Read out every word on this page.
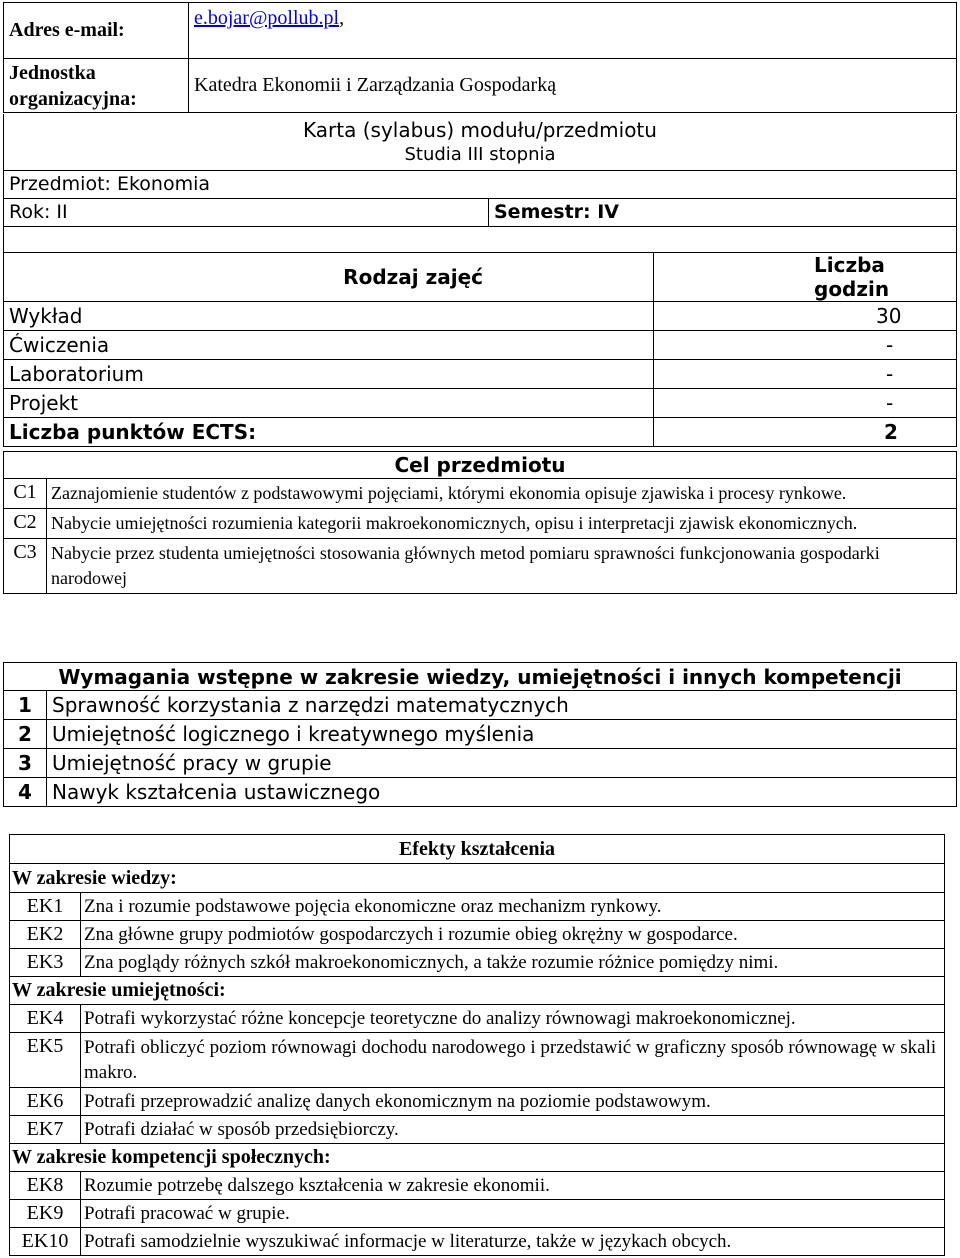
Adres e-mail:	e.bojar@pollub.pl,

Jednostka
organizacyjna:	Katedra Ekonomii i Zarządzania Gospodarką
Karta (sylabus) modułu/przedmiotu
Studia III stopnia

Przedmiot: Ekonomia
Rok: II	Semestr: IV

Rodzaj zajęć	Liczba godzin
Wykład	30
Ćwiczenia	-
Laboratorium	-
Projekt	-
Liczba punktów ECTS:	2
Cel przedmiotu	
C1	Zaznajomienie studentów z podstawowymi pojęciami, którymi ekonomia opisuje zjawiska i procesy rynkowe.
C2	Nabycie umiejętności rozumienia kategorii makroekonomicznych, opisu i interpretacji zjawisk ekonomicznych.
C3	Nabycie przez studenta umiejętności stosowania głównych metod pomiaru sprawności funkcjonowania gospodarki narodowej
Wymagania wstępne w zakresie wiedzy, umiejętności i innych kompetencji	
1	Sprawność korzystania z narzędzi matematycznych
2	Umiejętność logicznego i kreatywnego myślenia
3	Umiejętność pracy w grupie
4	Nawyk kształcenia ustawicznego
Efekty kształcenia	
W zakresie wiedzy:	
EK1	Zna i rozumie podstawowe pojęcia ekonomiczne oraz mechanizm rynkowy.
EK2	Zna główne grupy podmiotów gospodarczych i rozumie obieg okrężny w gospodarce.
EK3	Zna poglądy różnych szkół makroekonomicznych, a także rozumie różnice pomiędzy nimi.
W zakresie umiejętności:	
EK4	Potrafi wykorzystać różne koncepcje teoretyczne do analizy równowagi makroekonomicznej.
EK5	Potrafi obliczyć poziom równowagi dochodu narodowego i przedstawić w graficzny sposób równowagę w skali makro.
EK6	Potrafi przeprowadzić analizę danych ekonomicznym na poziomie podstawowym.
EK7	Potrafi działać w sposób przedsiębiorczy.
W zakresie kompetencji społecznych:	
EK8	Rozumie potrzebę dalszego kształcenia w zakresie ekonomii.
EK9	Potrafi pracować w grupie.
EK10	Potrafi samodzielnie wyszukiwać informacje w literaturze, także w językach obcych.
